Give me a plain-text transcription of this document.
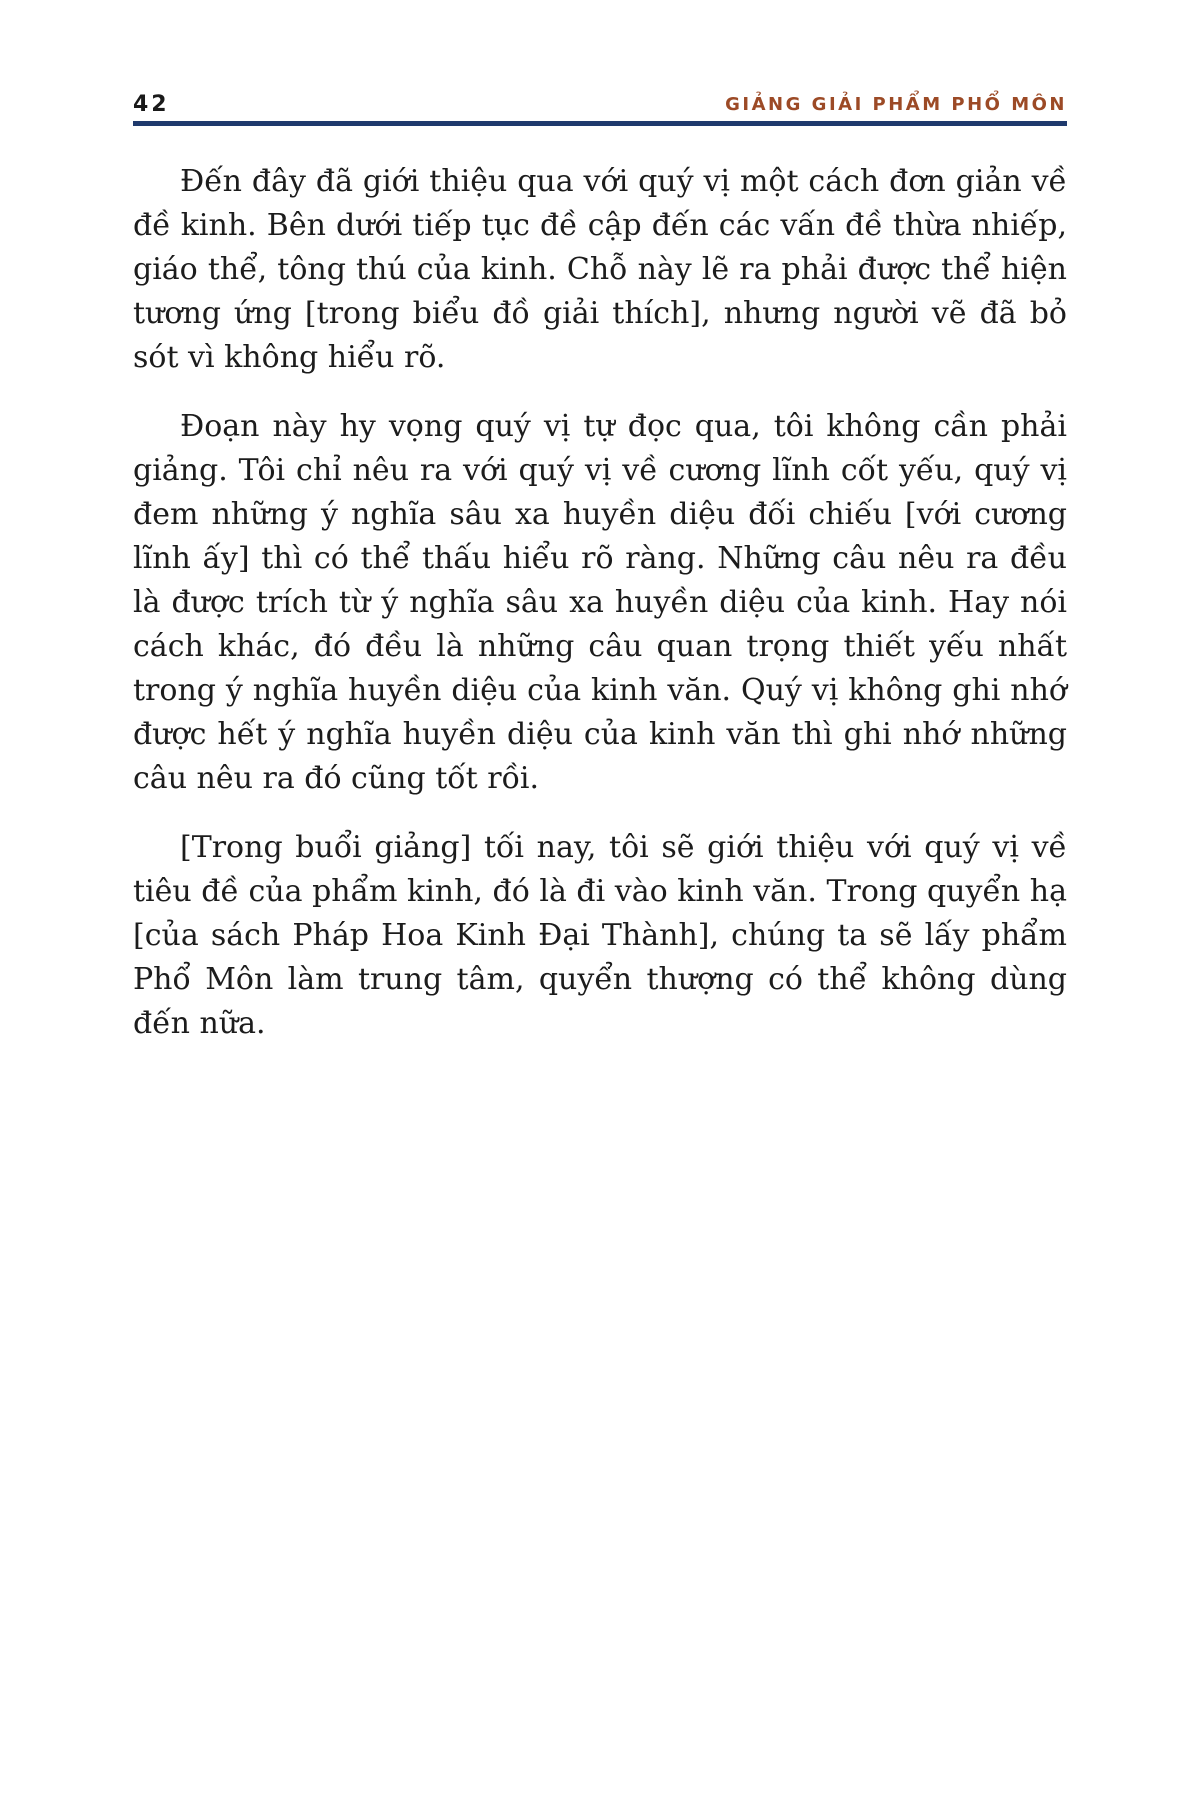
42	GIẢNG GIẢI PHẨM PHỔ MÔN

Đến đây đã giới thiệu qua với quý vị một cách đơn giản về đề kinh. Bên dưới tiếp tục đề cập đến các vấn đề thừa nhiếp, giáo thể, tông thú của kinh. Chỗ này lẽ ra phải được thể hiện tương ứng [trong biểu đồ giải thích], nhưng người vẽ đã bỏ sót vì không hiểu rõ.

Đoạn này hy vọng quý vị tự đọc qua, tôi không cần phải giảng. Tôi chỉ nêu ra với quý vị về cương lĩnh cốt yếu, quý vị đem những ý nghĩa sâu xa huyền diệu đối chiếu [với cương lĩnh ấy] thì có thể thấu hiểu rõ ràng. Những câu nêu ra đều là được trích từ ý nghĩa sâu xa huyền diệu của kinh. Hay nói cách khác, đó đều là những câu quan trọng thiết yếu nhất trong ý nghĩa huyền diệu của kinh văn. Quý vị không ghi nhớ được hết ý nghĩa huyền diệu của kinh văn thì ghi nhớ những câu nêu ra đó cũng tốt rồi.

[Trong buổi giảng] tối nay, tôi sẽ giới thiệu với quý vị về tiêu đề của phẩm kinh, đó là đi vào kinh văn. Trong quyển hạ [của sách Pháp Hoa Kinh Đại Thành], chúng ta sẽ lấy phẩm Phổ Môn làm trung tâm, quyển thượng có thể không dùng đến nữa.
